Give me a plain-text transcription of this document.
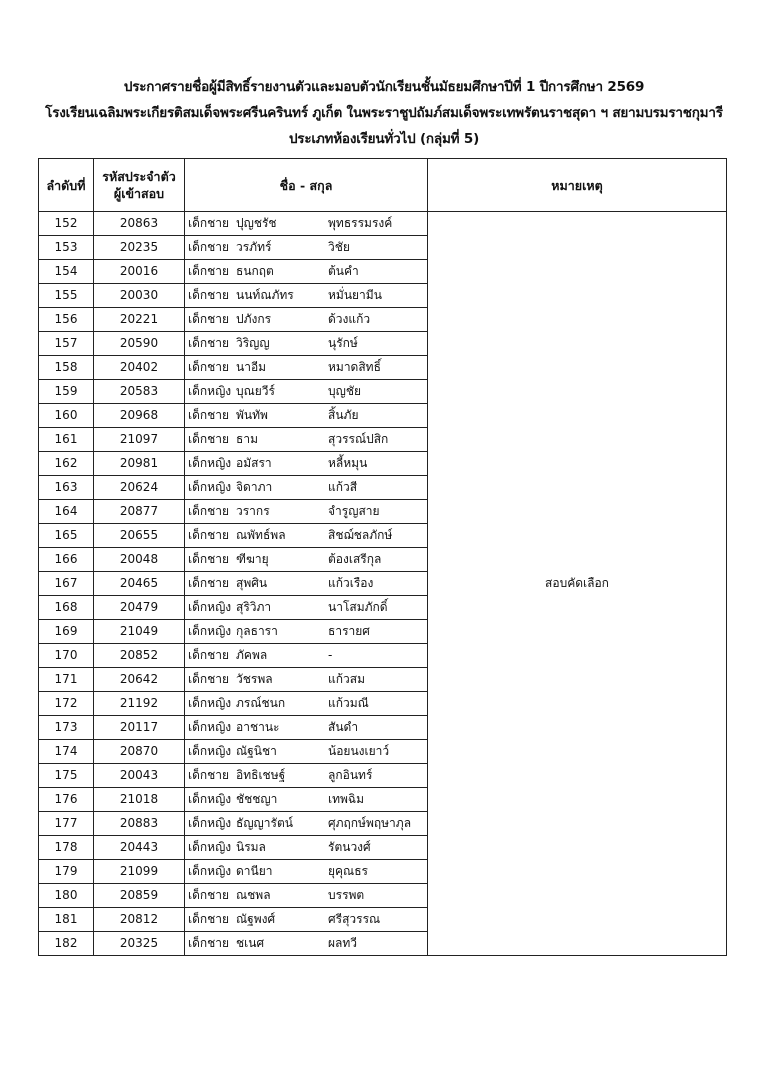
ประกาศรายชื่อผู้มีสิทธิ์รายงานตัวและมอบตัวนักเรียนชั้นมัธยมศึกษาปีที่ 1 ปีการศึกษา 2569
โรงเรียนเฉลิมพระเกียรติสมเด็จพระศรีนครินทร์ ภูเก็ต ในพระราชูปถัมภ์สมเด็จพระเทพรัตนราชสุดา ฯ สยามบรมราชกุมารี
ประเภทห้องเรียนทั่วไป (กลุ่มที่ 5)
ลำดับที่	รหัสประจำตัว
ผู้เข้าสอบ	ชื่อ - สกุล	หมายเหตุ
152	20863	เด็กชาย ปุญชรัช พุทธรรมรงค์	สอบคัดเลือก
153	20235	เด็กชาย วรภัทร์ วิชัย	

154	20016	เด็กชาย ธนกฤต ต้นคำ	

155	20030	เด็กชาย นนท์ณภัทร หมั่นยามีน	

156	20221	เด็กชาย ปภังกร ด้วงแก้ว	

157	20590	เด็กชาย วิริญญ นุรักษ์	

158	20402	เด็กชาย นาอีม หมาดสิทธิ์	

159	20583	เด็กหญิง บุณยวีร์ บุญชัย	

160	20968	เด็กชาย พันทัพ สิ้นภัย	

161	21097	เด็กชาย ธาม สุวรรณ์ปสิก	

162	20981	เด็กหญิง อมัสรา หลี้หมุน	

163	20624	เด็กหญิง จิดาภา แก้วสี	

164	20877	เด็กชาย วรากร จำรูญสาย	

165	20655	เด็กชาย ณพัทธ์พล สิชฌ์ชลภักษ์	

166	20048	เด็กชาย ฑีฆายุ ต้องเสรีกุล	

167	20465	เด็กชาย สุพศิน แก้วเรือง	

168	20479	เด็กหญิง สุริวิภา นาโสมภักดิ์	

169	21049	เด็กหญิง กุลธารา ธารายศ	

170	20852	เด็กชาย ภัคพล -	

171	20642	เด็กชาย วัชรพล แก้วสม	

172	21192	เด็กหญิง ภรณ์ชนก แก้วมณี	

173	20117	เด็กหญิง อาชานะ สันดำ	

174	20870	เด็กหญิง ณัฐนิชา น้อยนงเยาว์	

175	20043	เด็กชาย อิทธิเชษฐ์ ลูกอินทร์	

176	21018	เด็กหญิง ชัชชญา เทพฉิม	

177	20883	เด็กหญิง ธัญญารัตน์ ศุภฤกษ์พฤษาภุล	

178	20443	เด็กหญิง นิรมล รัตนวงศ์	

179	21099	เด็กหญิง ดานียา ยุคุณธร	

180	20859	เด็กชาย ณชพล บรรพต	

181	20812	เด็กชาย ณัฐพงศ์ ศรีสุวรรณ	

182	20325	เด็กชาย ชเนศ ผลทวี	
